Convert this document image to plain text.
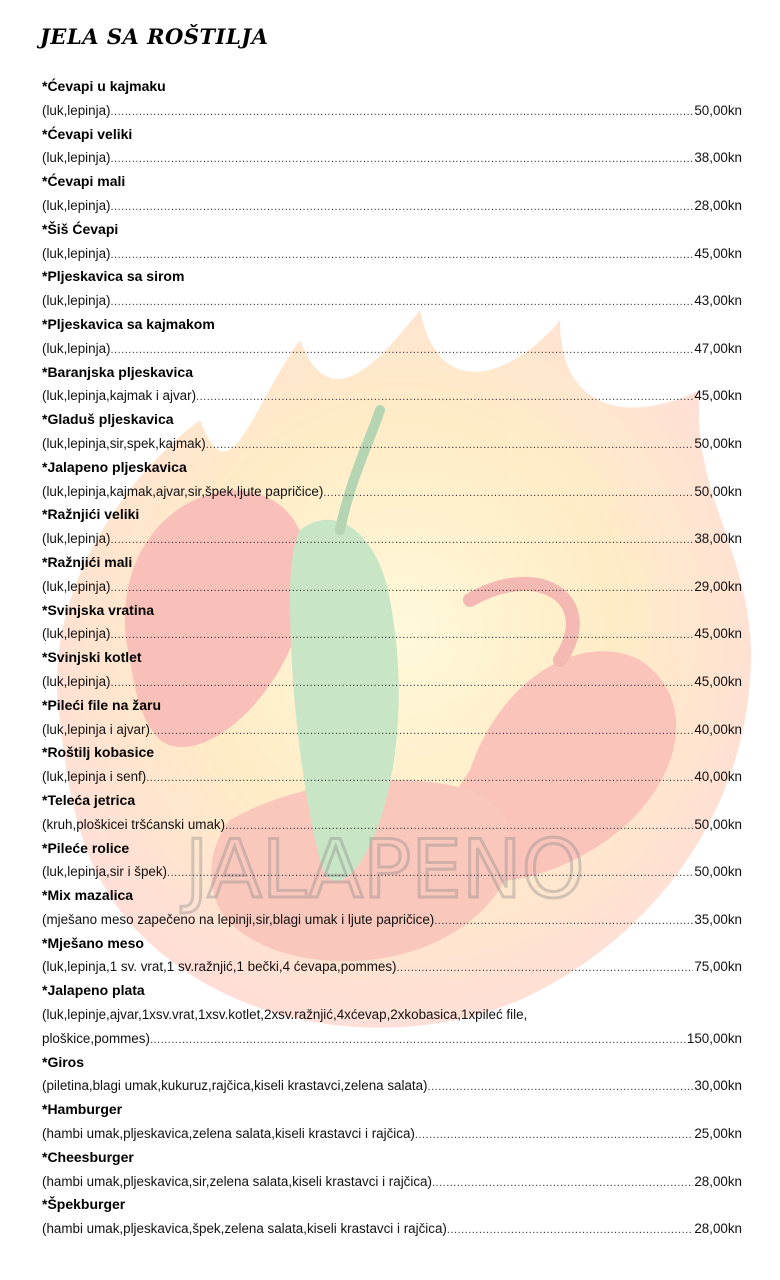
JALAPENO
JELA SA ROŠTILJA
*Ćevapi u kajmaku
(luk,lepinja) .....	50,00kn
*Ćevapi veliki
(luk,lepinja) .....	38,00kn
*Ćevapi mali
(luk,lepinja) .....	28,00kn
*Šiš Ćevapi
(luk,lepinja) .....	45,00kn
*Pljeskavica sa sirom
(luk,lepinja) .....	43,00kn
*Pljeskavica sa kajmakom
(luk,lepinja) .....	47,00kn
*Baranjska pljeskavica
(luk,lepinja,kajmak i ajvar) .....	45,00kn
*Gladuš pljeskavica
(luk,lepinja,sir,spek,kajmak) .....	50,00kn
*Jalapeno pljeskavica
(luk,lepinja,kajmak,ajvar,sir,špek,ljute papričice) .....	50,00kn
*Ražnjići veliki
(luk,lepinja) .....	38,00kn
*Ražnjići mali
(luk,lepinja) .....	29,00kn
*Svinjska vratina
(luk,lepinja) .....	45,00kn
*Svinjski kotlet
(luk,lepinja) .....	45,00kn
*Pileći file na žaru
(luk,lepinja i ajvar) .....	40,00kn
*Roštilj kobasice
(luk,lepinja i senf) .....	40,00kn
*Teleća jetrica
(kruh,ploškicei tršćanski umak) .....	50,00kn
*Pileće rolice
(luk,lepinja,sir i špek) .....	50,00kn
*Mix mazalica
(mješano meso zapečeno na lepinji,sir,blagi umak i ljute papričice) .....	35,00kn
*Mješano meso
(luk,lepinja,1 sv. vrat,1 sv.ražnjić,1 bečki,4 ćevapa,pommes) .....	75,00kn
*Jalapeno plata
(luk,lepinje,ajvar,1xsv.vrat,1xsv.kotlet,2xsv.ražnjić,4xćevap,2xkobasica,1xpileć file,
ploškice,pommes) .....	150,00kn
*Giros
(piletina,blagi umak,kukuruz,rajčica,kiseli krastavci,zelena salata) .....	30,00kn
*Hamburger
(hambi umak,pljeskavica,zelena salata,kiseli krastavci i rajčica) .....	25,00kn
*Cheesburger
(hambi umak,pljeskavica,sir,zelena salata,kiseli krastavci i rajčica) .....	28,00kn
*Špekburger
(hambi umak,pljeskavica,špek,zelena salata,kiseli krastavci i rajčica) .....	28,00kn
